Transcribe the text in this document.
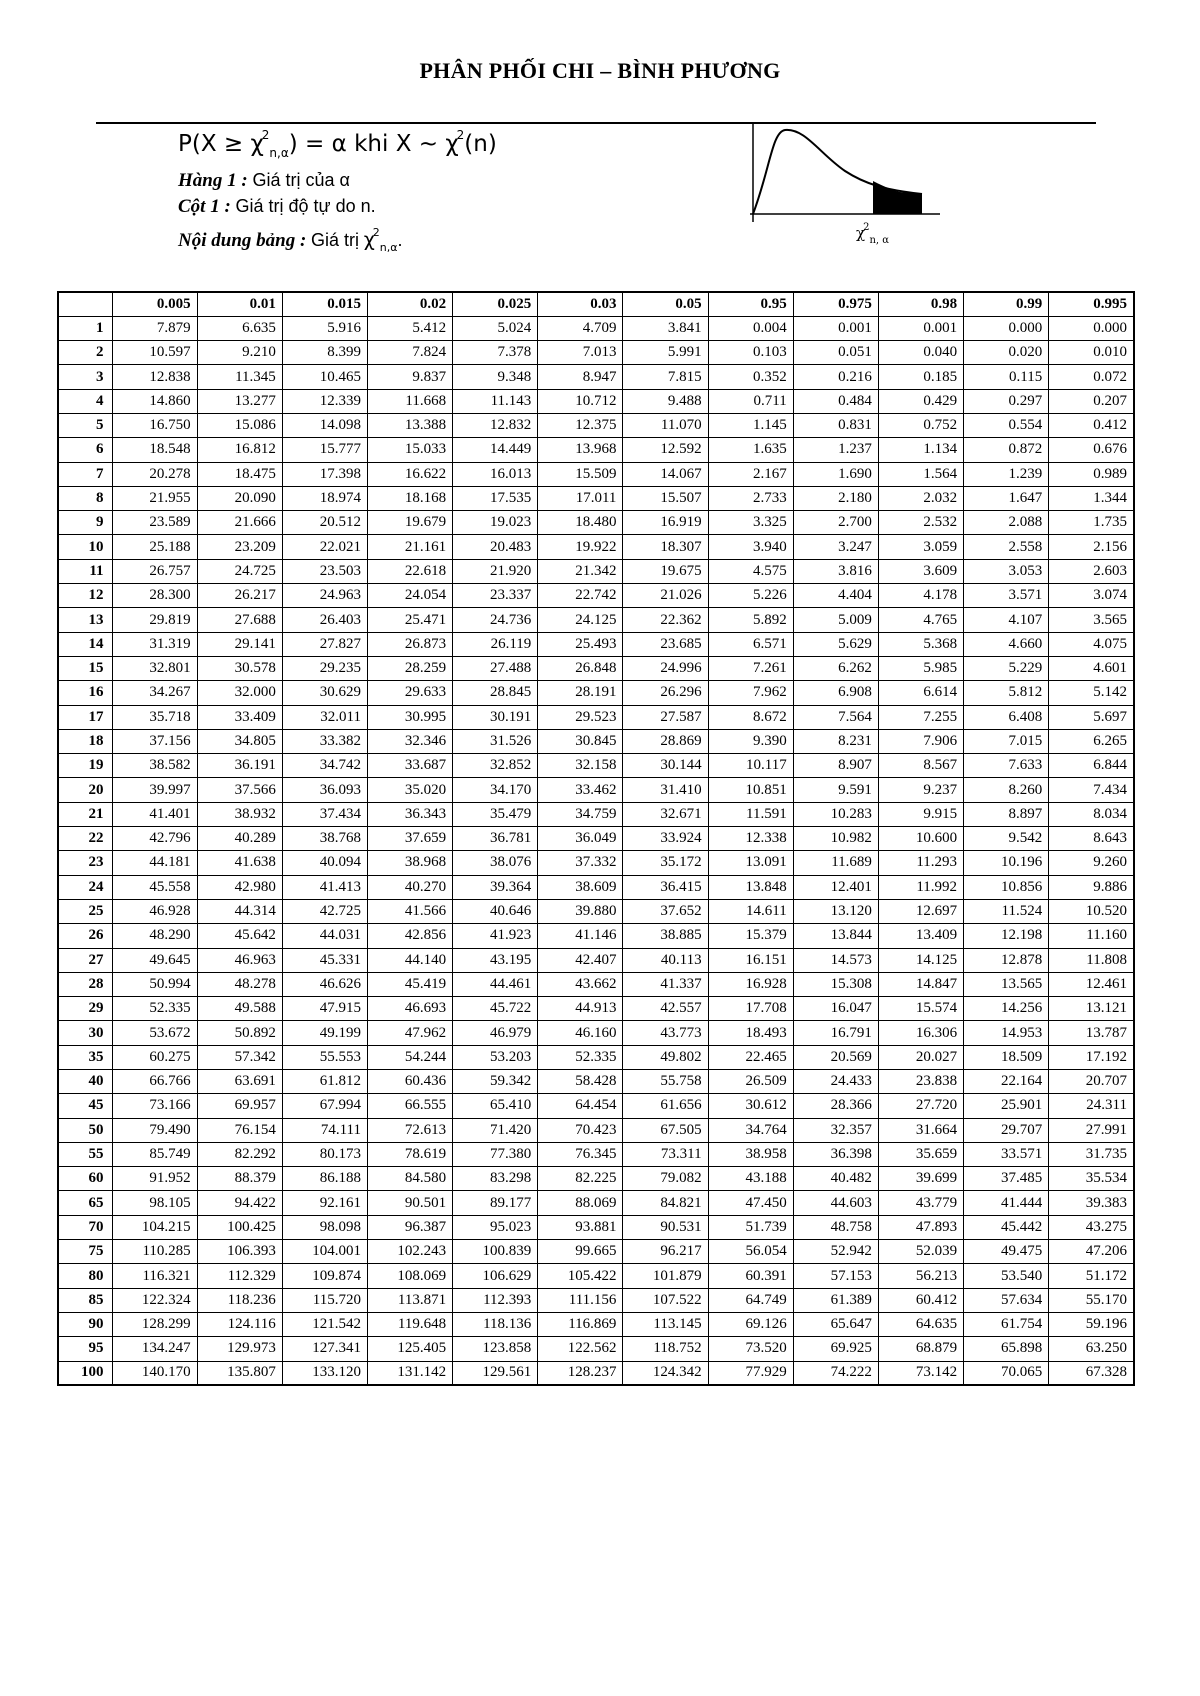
PHÂN PHỐI CHI – BÌNH PHƯƠNG
$P(X \ge \chi^2_{n,\alpha}) = \alpha$ khi X ~ $\chi^2(n)$
Hàng 1 : Giá trị của α
Cột 1 : Giá trị độ tự do n.
Nội dung bảng : Giá trị $\chi^2_{n,\alpha}$.	$\chi^2_{n, \alpha}$
	0.005	0.01	0.015	0.02	0.025	0.03	0.05	0.95	0.975	0.98	0.99	0.995
1	7.879	6.635	5.916	5.412	5.024	4.709	3.841	0.004	0.001	0.001	0.000	0.000
2	10.597	9.210	8.399	7.824	7.378	7.013	5.991	0.103	0.051	0.040	0.020	0.010
3	12.838	11.345	10.465	9.837	9.348	8.947	7.815	0.352	0.216	0.185	0.115	0.072
4	14.860	13.277	12.339	11.668	11.143	10.712	9.488	0.711	0.484	0.429	0.297	0.207
5	16.750	15.086	14.098	13.388	12.832	12.375	11.070	1.145	0.831	0.752	0.554	0.412
6	18.548	16.812	15.777	15.033	14.449	13.968	12.592	1.635	1.237	1.134	0.872	0.676
7	20.278	18.475	17.398	16.622	16.013	15.509	14.067	2.167	1.690	1.564	1.239	0.989
8	21.955	20.090	18.974	18.168	17.535	17.011	15.507	2.733	2.180	2.032	1.647	1.344
9	23.589	21.666	20.512	19.679	19.023	18.480	16.919	3.325	2.700	2.532	2.088	1.735
10	25.188	23.209	22.021	21.161	20.483	19.922	18.307	3.940	3.247	3.059	2.558	2.156
11	26.757	24.725	23.503	22.618	21.920	21.342	19.675	4.575	3.816	3.609	3.053	2.603
12	28.300	26.217	24.963	24.054	23.337	22.742	21.026	5.226	4.404	4.178	3.571	3.074
13	29.819	27.688	26.403	25.471	24.736	24.125	22.362	5.892	5.009	4.765	4.107	3.565
14	31.319	29.141	27.827	26.873	26.119	25.493	23.685	6.571	5.629	5.368	4.660	4.075
15	32.801	30.578	29.235	28.259	27.488	26.848	24.996	7.261	6.262	5.985	5.229	4.601
16	34.267	32.000	30.629	29.633	28.845	28.191	26.296	7.962	6.908	6.614	5.812	5.142
17	35.718	33.409	32.011	30.995	30.191	29.523	27.587	8.672	7.564	7.255	6.408	5.697
18	37.156	34.805	33.382	32.346	31.526	30.845	28.869	9.390	8.231	7.906	7.015	6.265
19	38.582	36.191	34.742	33.687	32.852	32.158	30.144	10.117	8.907	8.567	7.633	6.844
20	39.997	37.566	36.093	35.020	34.170	33.462	31.410	10.851	9.591	9.237	8.260	7.434
21	41.401	38.932	37.434	36.343	35.479	34.759	32.671	11.591	10.283	9.915	8.897	8.034
22	42.796	40.289	38.768	37.659	36.781	36.049	33.924	12.338	10.982	10.600	9.542	8.643
23	44.181	41.638	40.094	38.968	38.076	37.332	35.172	13.091	11.689	11.293	10.196	9.260
24	45.558	42.980	41.413	40.270	39.364	38.609	36.415	13.848	12.401	11.992	10.856	9.886
25	46.928	44.314	42.725	41.566	40.646	39.880	37.652	14.611	13.120	12.697	11.524	10.520
26	48.290	45.642	44.031	42.856	41.923	41.146	38.885	15.379	13.844	13.409	12.198	11.160
27	49.645	46.963	45.331	44.140	43.195	42.407	40.113	16.151	14.573	14.125	12.878	11.808
28	50.994	48.278	46.626	45.419	44.461	43.662	41.337	16.928	15.308	14.847	13.565	12.461
29	52.335	49.588	47.915	46.693	45.722	44.913	42.557	17.708	16.047	15.574	14.256	13.121
30	53.672	50.892	49.199	47.962	46.979	46.160	43.773	18.493	16.791	16.306	14.953	13.787
35	60.275	57.342	55.553	54.244	53.203	52.335	49.802	22.465	20.569	20.027	18.509	17.192
40	66.766	63.691	61.812	60.436	59.342	58.428	55.758	26.509	24.433	23.838	22.164	20.707
45	73.166	69.957	67.994	66.555	65.410	64.454	61.656	30.612	28.366	27.720	25.901	24.311
50	79.490	76.154	74.111	72.613	71.420	70.423	67.505	34.764	32.357	31.664	29.707	27.991
55	85.749	82.292	80.173	78.619	77.380	76.345	73.311	38.958	36.398	35.659	33.571	31.735
60	91.952	88.379	86.188	84.580	83.298	82.225	79.082	43.188	40.482	39.699	37.485	35.534
65	98.105	94.422	92.161	90.501	89.177	88.069	84.821	47.450	44.603	43.779	41.444	39.383
70	104.215	100.425	98.098	96.387	95.023	93.881	90.531	51.739	48.758	47.893	45.442	43.275
75	110.285	106.393	104.001	102.243	100.839	99.665	96.217	56.054	52.942	52.039	49.475	47.206
80	116.321	112.329	109.874	108.069	106.629	105.422	101.879	60.391	57.153	56.213	53.540	51.172
85	122.324	118.236	115.720	113.871	112.393	111.156	107.522	64.749	61.389	60.412	57.634	55.170
90	128.299	124.116	121.542	119.648	118.136	116.869	113.145	69.126	65.647	64.635	61.754	59.196
95	134.247	129.973	127.341	125.405	123.858	122.562	118.752	73.520	69.925	68.879	65.898	63.250
100	140.170	135.807	133.120	131.142	129.561	128.237	124.342	77.929	74.222	73.142	70.065	67.328
